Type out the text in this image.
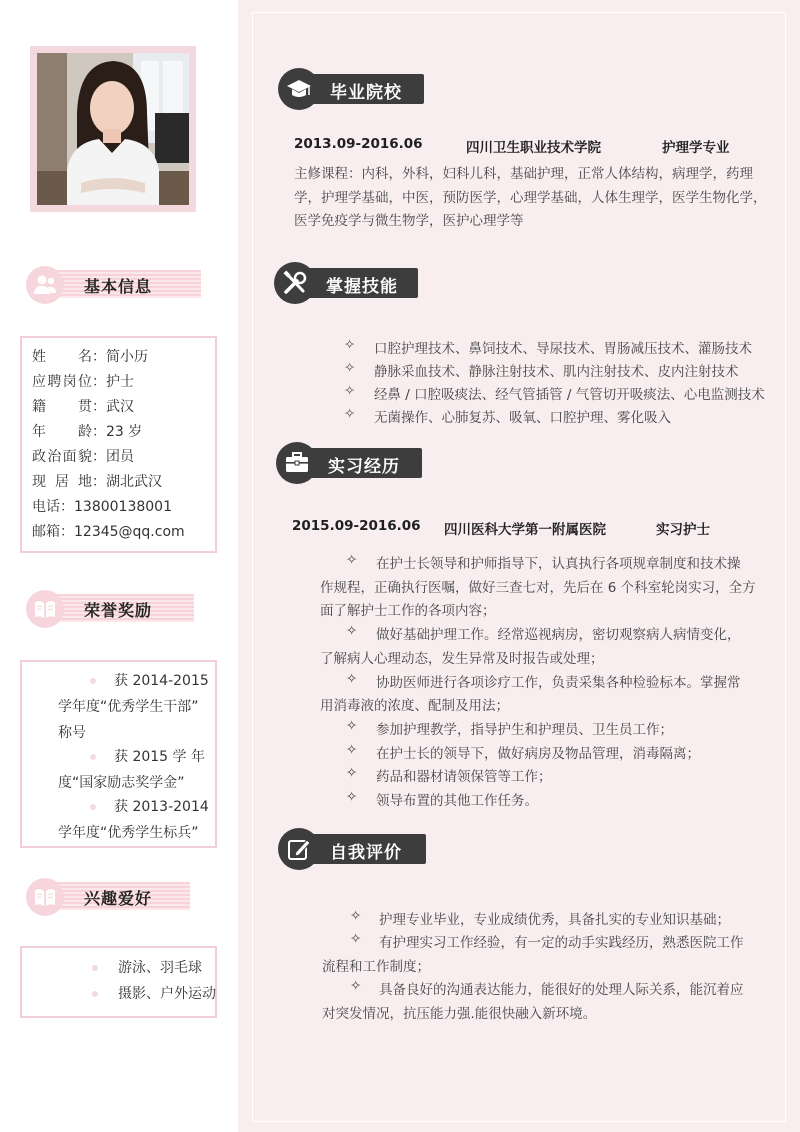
基本信息
姓名：简小历
应聘岗位：护士
籍贯：武汉
年龄：23 岁
政治面貌：团员
现居地：湖北武汉
电话：13800138001
邮箱：12345@qq.com
荣誉奖励
获 2014-2015
学年度“优秀学生干部”
称号
获 2015 学 年
度“国家励志奖学金”
获 2013-2014
学年度“优秀学生标兵”
兴趣爱好
游泳、羽毛球
摄影、户外运动
毕业院校
2013.09-2016.06	四川卫生职业技术学院	护理学专业
主修课程：内科，外科，妇科儿科，基础护理，正常人体结构，病理学，药理
学，护理学基础，中医，预防医学，心理学基础，人体生理学，医学生物化学，
医学免疫学与微生物学，医护心理学等
掌握技能
✧ 口腔护理技术、鼻饲技术、导尿技术、胃肠减压技术、灌肠技术
✧ 静脉采血技术、静脉注射技术、肌内注射技术、皮内注射技术
✧ 经鼻 / 口腔吸痰法、经气管插管 / 气管切开吸痰法、心电监测技术
✧ 无菌操作、心肺复苏、吸氧、口腔护理、雾化吸入
实习经历
2015.09-2016.06 四川医科大学第一附属医院	实习护士
✧ 在护士长领导和护师指导下，认真执行各项规章制度和技术操
作规程，正确执行医嘱，做好三查七对，先后在 6 个科室轮岗实习，全方
面了解护士工作的各项内容；
✧ 做好基础护理工作。经常巡视病房，密切观察病人病情变化，
了解病人心理动态，发生异常及时报告或处理；
✧ 协助医师进行各项诊疗工作，负责采集各种检验标本。掌握常
用消毒液的浓度、配制及用法；
✧ 参加护理教学，指导护生和护理员、卫生员工作；
✧ 在护士长的领导下，做好病房及物品管理，消毒隔离；
✧ 药品和器材请领保管等工作；
✧ 领导布置的其他工作任务。
自我评价
✧ 护理专业毕业，专业成绩优秀，具备扎实的专业知识基础；
✧ 有护理实习工作经验，有一定的动手实践经历，熟悉医院工作
流程和工作制度；
✧ 具备良好的沟通表达能力，能很好的处理人际关系，能沉着应
对突发情况，抗压能力强.能很快融入新环境。
